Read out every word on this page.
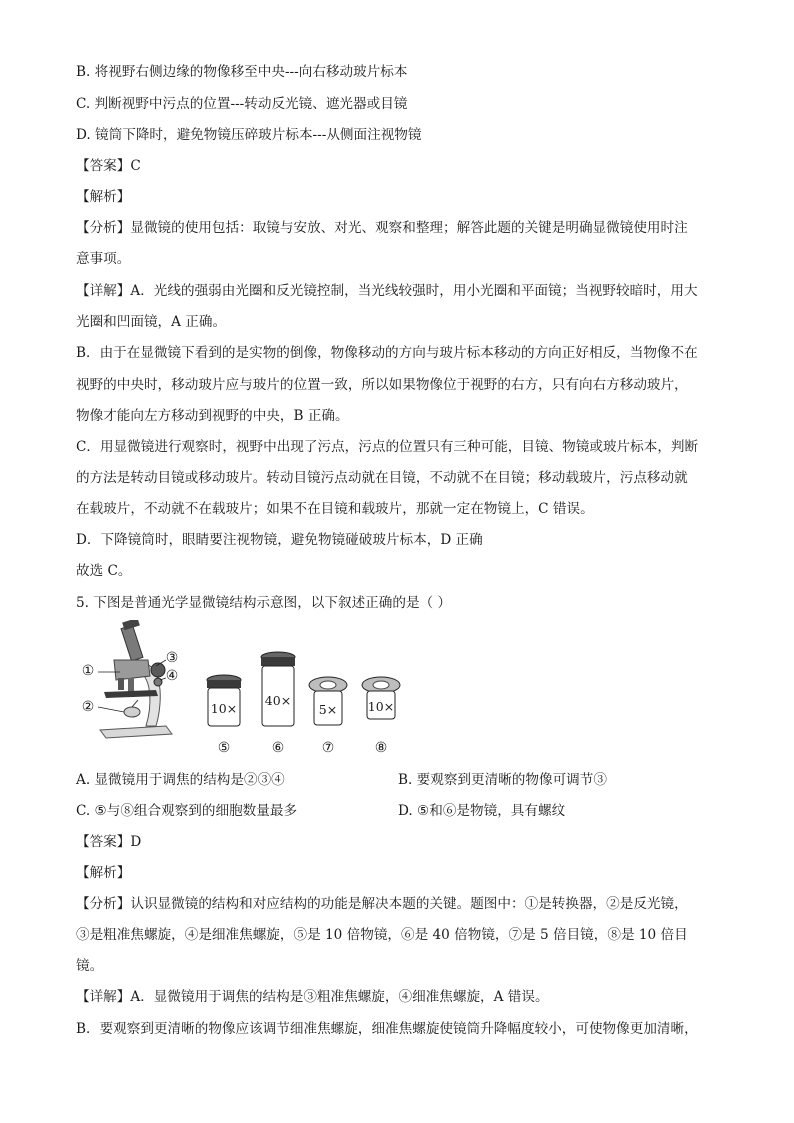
B. 将视野右侧边缘的物像移至中央---向右移动玻片标本
C. 判断视野中污点的位置---转动反光镜、遮光器或目镜
D. 镜筒下降时，避免物镜压碎玻片标本---从侧面注视物镜
【答案】C
【解析】
【分析】显微镜的使用包括：取镜与安放、对光、观察和整理；解答此题的关键是明确显微镜使用时注
意事项。
【详解】A．光线的强弱由光圈和反光镜控制，当光线较强时，用小光圈和平面镜；当视野较暗时，用大
光圈和凹面镜，A 正确。
B．由于在显微镜下看到的是实物的倒像，物像移动的方向与玻片标本移动的方向正好相反，当物像不在
视野的中央时，移动玻片应与玻片的位置一致，所以如果物像位于视野的右方，只有向右方移动玻片，
物像才能向左方移动到视野的中央，B 正确。
C．用显微镜进行观察时，视野中出现了污点，污点的位置只有三种可能，目镜、物镜或玻片标本，判断
的方法是转动目镜或移动玻片。转动目镜污点动就在目镜，不动就不在目镜；移动载玻片，污点移动就
在载玻片，不动就不在载玻片；如果不在目镜和载玻片，那就一定在物镜上，C 错误。
D．下降镜筒时，眼睛要注视物镜，避免物镜碰破玻片标本，D 正确
故选 C。
5. 下图是普通光学显微镜结构示意图，以下叙述正确的是（ ）
①
②
③
④
10×
40×
5×	10×
⑤	⑥	⑦	⑧
A. 显微镜用于调焦的结构是②③④	B. 要观察到更清晰的物像可调节③
C. ⑤与⑧组合观察到的细胞数量最多	D. ⑤和⑥是物镜，具有螺纹
【答案】D
【解析】
【分析】认识显微镜的结构和对应结构的功能是解决本题的关键。题图中：①是转换器，②是反光镜，
③是粗准焦螺旋，④是细准焦螺旋，⑤是 10 倍物镜，⑥是 40 倍物镜，⑦是 5 倍目镜，⑧是 10 倍目
镜。
【详解】A．显微镜用于调焦的结构是③粗准焦螺旋，④细准焦螺旋，A 错误。
B．要观察到更清晰的物像应该调节细准焦螺旋，细准焦螺旋使镜筒升降幅度较小，可使物像更加清晰，
